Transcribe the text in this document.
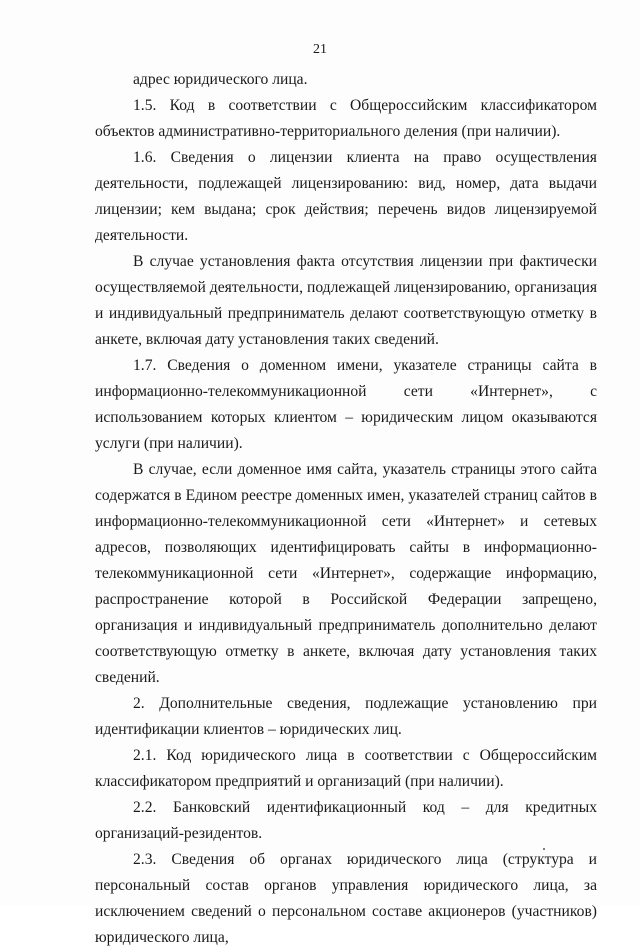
21

адрес юридического лица.

1.5. Код в соответствии с Общероссийским классификатором объектов административно-территориального деления (при наличии).

1.6. Сведения о лицензии клиента на право осуществления деятельности, подлежащей лицензированию: вид, номер, дата выдачи лицензии; кем выдана; срок действия; перечень видов лицензируемой деятельности.

В случае установления факта отсутствия лицензии при фактически осуществляемой деятельности, подлежащей лицензированию, организация и индивидуальный предприниматель делают соответствующую отметку в анкете, включая дату установления таких сведений.

1.7. Сведения о доменном имени, указателе страницы сайта в информационно-телекоммуникационной сети «Интернет», с использованием которых клиентом – юридическим лицом оказываются услуги (при наличии).

В случае, если доменное имя сайта, указатель страницы этого сайта содержатся в Едином реестре доменных имен, указателей страниц сайтов в информационно-телекоммуникационной сети «Интернет» и сетевых адресов, позволяющих идентифицировать сайты в информационно-телекоммуникационной сети «Интернет», содержащие информацию, распространение которой в Российской Федерации запрещено, организация и индивидуальный предприниматель дополнительно делают соответствующую отметку в анкете, включая дату установления таких сведений.

2. Дополнительные сведения, подлежащие установлению при идентификации клиентов – юридических лиц.

2.1. Код юридического лица в соответствии с Общероссийским классификатором предприятий и организаций (при наличии).

2.2. Банковский идентификационный код – для кредитных организаций-резидентов.

2.3. Сведения об органах юридического лица (структура и персональный состав органов управления юридического лица, за исключением сведений о персональном составе акционеров (участников) юридического лица,
